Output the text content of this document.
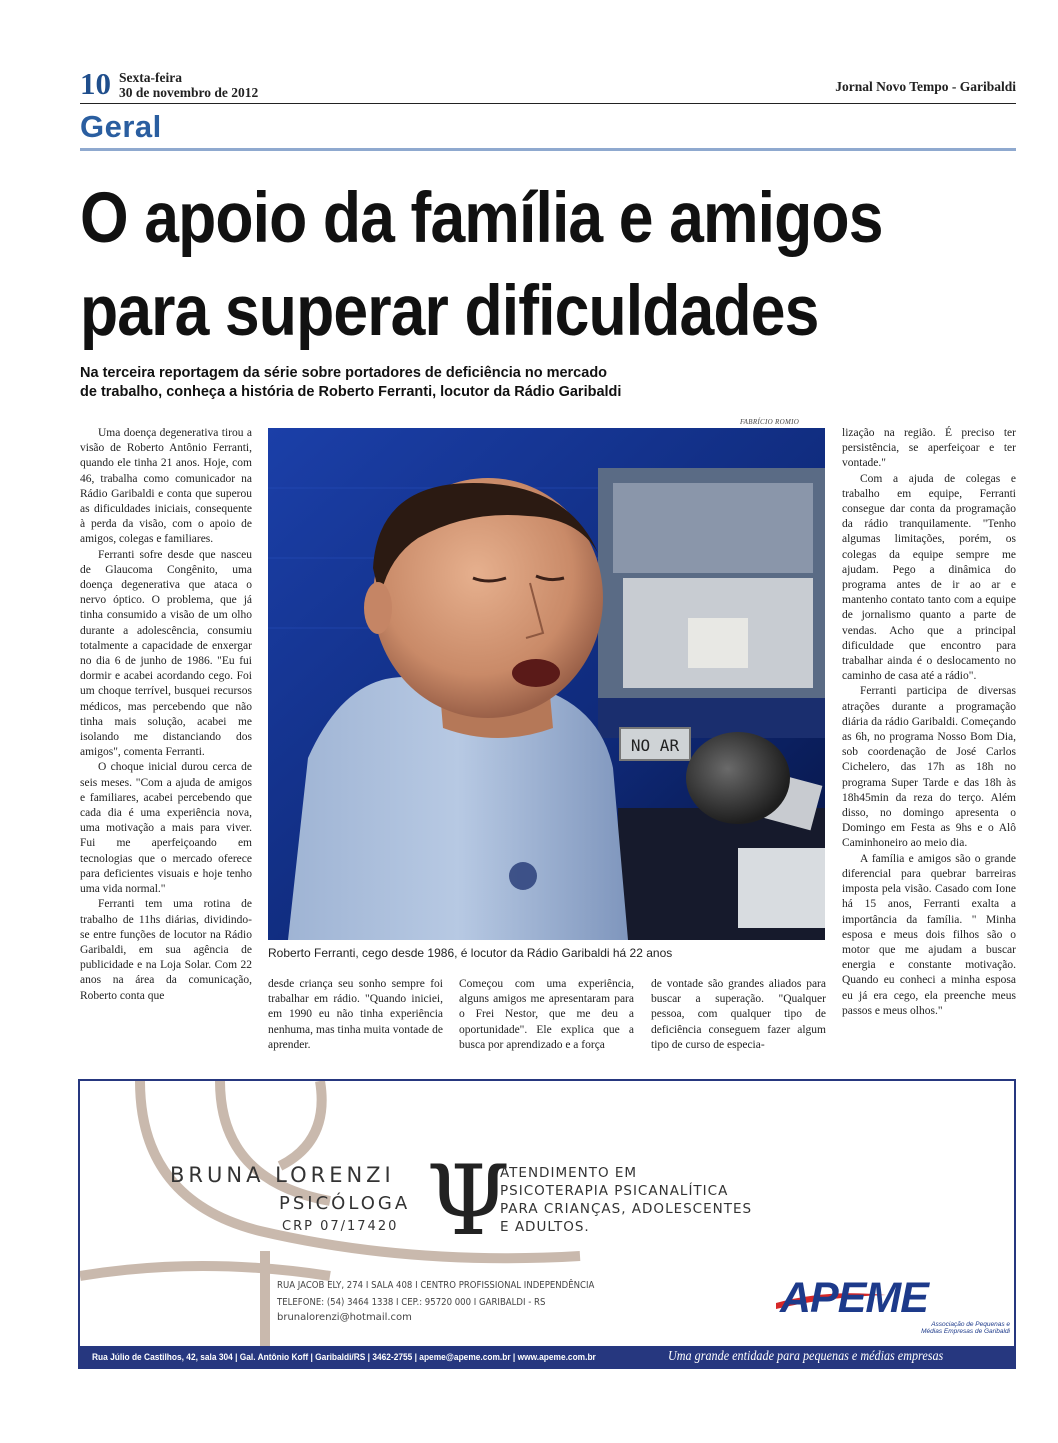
10 Sexta-feira
30 de novembro de 2012	Jornal Novo Tempo - Garibaldi
Geral
O apoio da família e amigos
para superar dificuldades
Na terceira reportagem da série sobre portadores de deficiência no mercado
de trabalho, conheça a história de Roberto Ferranti, locutor da Rádio Garibaldi

Uma doença degenerativa tirou a visão de Roberto Antônio Ferranti, quando ele tinha 21 anos. Hoje, com 46, trabalha como comunicador na Rádio Garibaldi e conta que superou as dificuldades iniciais, consequente à perda da visão, com o apoio de amigos, colegas e familiares.

Ferranti sofre desde que nasceu de Glaucoma Congênito, uma doença degenerativa que ataca o nervo óptico. O problema, que já tinha consumido a visão de um olho durante a adolescência, consumiu totalmente a capacidade de enxergar no dia 6 de junho de 1986. "Eu fui dormir e acabei acordando cego. Foi um choque terrível, busquei recursos médicos, mas percebendo que não tinha mais solução, acabei me isolando me distanciando dos amigos", comenta Ferranti.

O choque inicial durou cerca de seis meses. "Com a ajuda de amigos e familiares, acabei percebendo que cada dia é uma experiência nova, uma motivação a mais para viver. Fui me aperfeiçoando em tecnologias que o mercado oferece para deficientes visuais e hoje tenho uma vida normal."

Ferranti tem uma rotina de trabalho de 11hs diárias, dividindo-se entre funções de locutor na Rádio Garibaldi, em sua agência de publicidade e na Loja Solar. Com 22 anos na área da comunicação, Roberto conta que

FABRÍCIO ROMIO
NO AR
Roberto Ferranti, cego desde 1986, é locutor da Rádio Garibaldi há 22 anos

desde criança seu sonho sempre foi trabalhar em rádio. "Quando iniciei, em 1990 eu não tinha experiência nenhuma, mas tinha muita vontade de aprender.

Começou com uma experiência, alguns amigos me apresentaram para o Frei Nestor, que me deu a oportunidade". Ele explica que a busca por aprendizado e a força

de vontade são grandes aliados para buscar a superação. "Qualquer pessoa, com qualquer tipo de deficiência conseguem fazer algum tipo de curso de especia-

lização na região. É preciso ter persistência, se aperfeiçoar e ter vontade."

Com a ajuda de colegas e trabalho em equipe, Ferranti consegue dar conta da programação da rádio tranquilamente. "Tenho algumas limitações, porém, os colegas da equipe sempre me ajudam. Pego a dinâmica do programa antes de ir ao ar e mantenho contato tanto com a equipe de jornalismo quanto a parte de vendas. Acho que a principal dificuldade que encontro para trabalhar ainda é o deslocamento no caminho de casa até a rádio".

Ferranti participa de diversas atrações durante a programação diária da rádio Garibaldi. Começando as 6h, no programa Nosso Bom Dia, sob coordenação de José Carlos Cichelero, das 17h as 18h no programa Super Tarde e das 18h às 18h45min da reza do terço. Além disso, no domingo apresenta o Domingo em Festa as 9hs e o Alô Caminhoneiro ao meio dia.

A família e amigos são o grande diferencial para quebrar barreiras imposta pela visão. Casado com Ione há 15 anos, Ferranti exalta a importância da família. " Minha esposa e meus dois filhos são o motor que me ajudam a buscar energia e constante motivação. Quando eu conheci a minha esposa eu já era cego, ela preenche meus passos e meus olhos."

BRUNA LORENZI
PSICÓLOGA
CRP 07/17420 Ψ
ATENDIMENTO EM
PSICOTERAPIA PSICANALÍTICA
PARA CRIANÇAS, ADOLESCENTES
E ADULTOS.
RUA JACOB ELY, 274 I SALA 408 I CENTRO PROFISSIONAL INDEPENDÊNCIA
TELEFONE: (54) 3464 1338 I CEP.: 95720 000 I GARIBALDI - RS
brunalorenzi@hotmail.com	APEME
Associação de Pequenas e Médias Empresas de Garibaldi
Rua Júlio de Castilhos, 42, sala 304 | Gal. Antônio Koff | Garibaldi/RS | 3462-2755 | apeme@apeme.com.br | www.apeme.com.br	Uma grande entidade para pequenas e médias empresas
